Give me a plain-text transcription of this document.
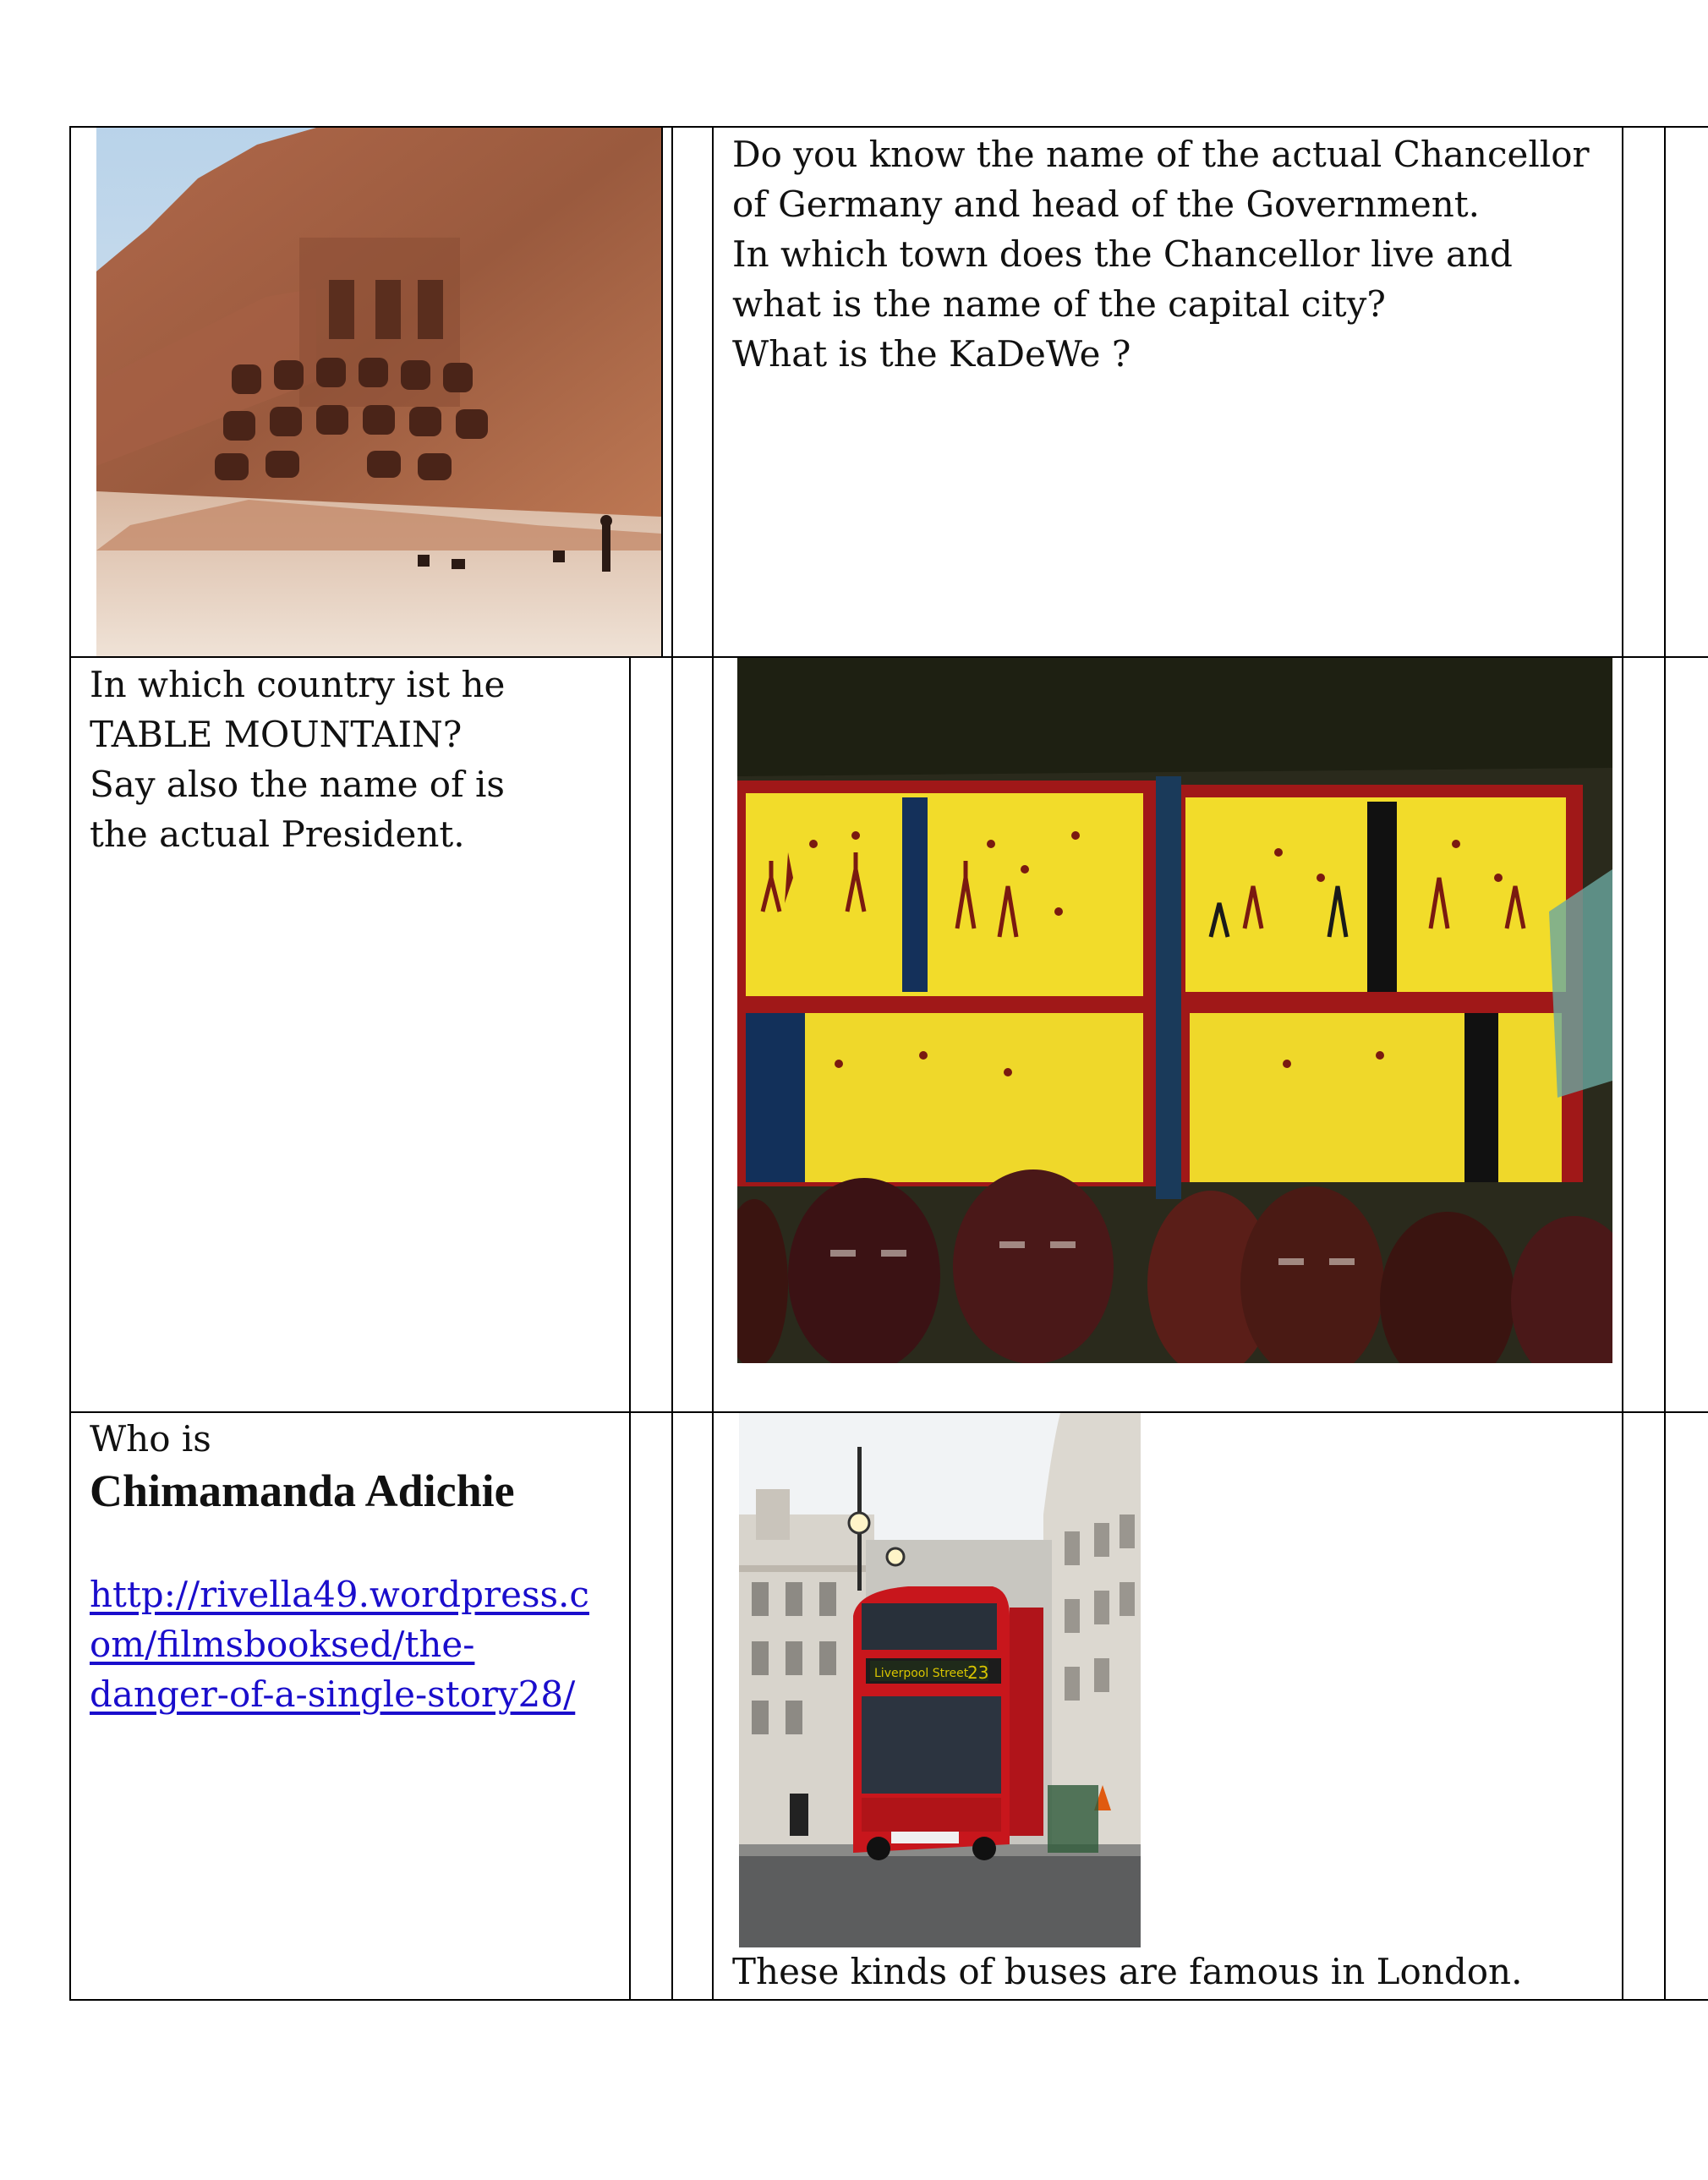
Do you know the name of the actual Chancellor
of Germany and head of the Government.
In which town does the Chancellor live and
what is the name of the capital city?
What is the KaDeWe ?
In which country ist he
TABLE MOUNTAIN?
Say also the name of is
the actual President.
Who is
Chimamanda Adichie
http://rivella49.wordpress.c
om/filmsbooksed/the-
danger-of-a-single-story28/	Liverpool Street
23
These kinds of buses are famous in London.
